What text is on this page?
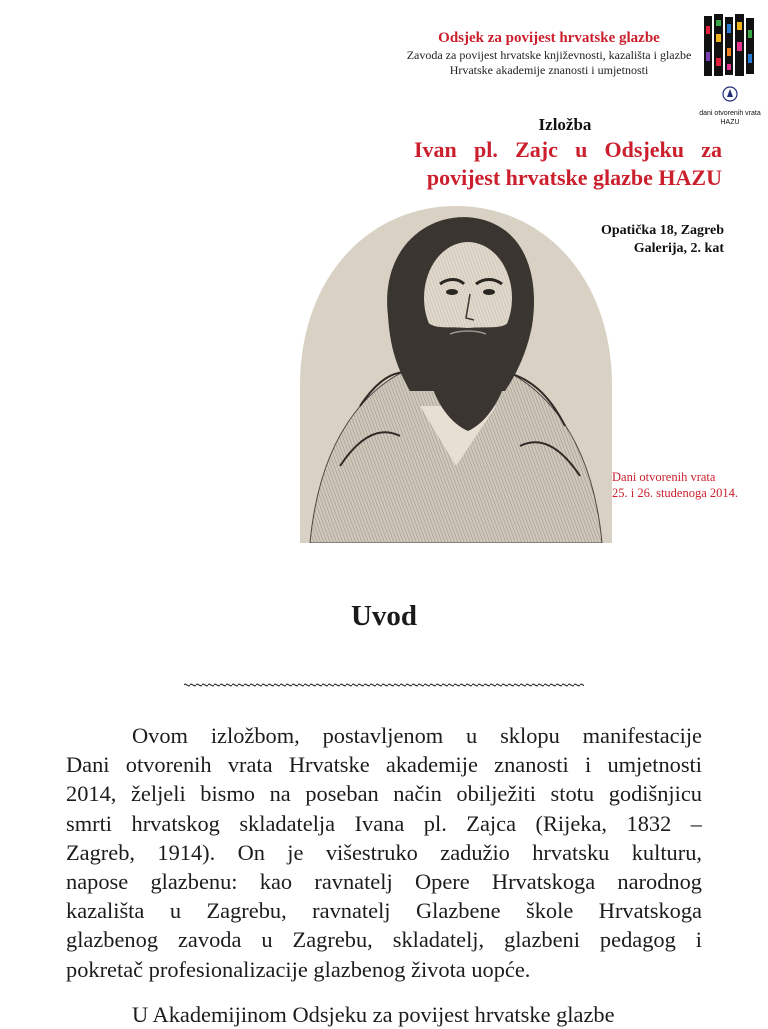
Odsjek za povijest hrvatske glazbe
Zavoda za povijest hrvatske književnosti, kazališta i glazbe
Hrvatske akademije znanosti i umjetnosti
dani otvorenih vrata
HAZU
Izložba
Ivan pl. Zajc u Odsjeku za
povijest hrvatske glazbe HAZU
Opatička 18, Zagreb
Galerija, 2. kat
Dani otvorenih vrata
25. i 26. studenoga 2014.
Uvod
Ovom izložbom, postavljenom u sklopu manifestacije
Dani otvorenih vrata Hrvatske akademije znanosti i umjetnosti
2014, željeli bismo na poseban način obilježiti stotu godišnjicu
smrti hrvatskog skladatelja Ivana pl. Zajca (Rijeka, 1832 –
Zagreb, 1914). On je višestruko zadužio hrvatsku kulturu,
napose glazbenu: kao ravnatelj Opere Hrvatskoga narodnog
kazališta u Zagrebu, ravnatelj Glazbene škole Hrvatskoga
glazbenog zavoda u Zagrebu, skladatelj, glazbeni pedagog i
pokretač profesionalizacije glazbenog života uopće.
U Akademijinom Odsjeku za povijest hrvatske glazbe
